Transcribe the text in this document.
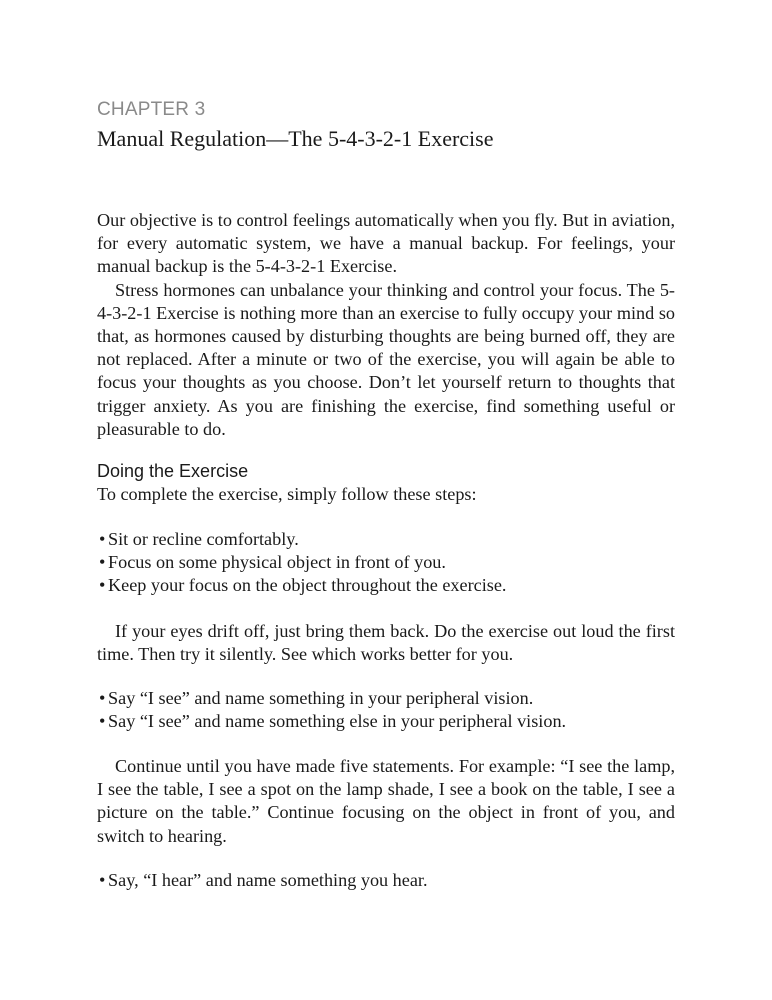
CHAPTER 3
Manual Regulation—The 5-4-3-2-1 Exercise

Our objective is to control feelings automatically when you fly. But in aviation, for every automatic system, we have a manual backup. For feelings, your manual backup is the 5-4-3-2-1 Exercise.

Stress hormones can unbalance your thinking and control your focus. The 5-4-3-2-1 Exercise is nothing more than an exercise to fully occupy your mind so that, as hormones caused by disturbing thoughts are being burned off, they are not replaced. After a minute or two of the exercise, you will again be able to focus your thoughts as you choose. Don’t let yourself return to thoughts that trigger anxiety. As you are finishing the exercise, find something useful or pleasurable to do.

Doing the Exercise

To complete the exercise, simply follow these steps:

• Sit or recline comfortably.
• Focus on some physical object in front of you.
• Keep your focus on the object throughout the exercise.

If your eyes drift off, just bring them back. Do the exercise out loud the first time. Then try it silently. See which works better for you.

• Say “I see” and name something in your peripheral vision.
• Say “I see” and name something else in your peripheral vision.

Continue until you have made five statements. For example: “I see the lamp, I see the table, I see a spot on the lamp shade, I see a book on the table, I see a picture on the table.” Continue focusing on the object in front of you, and switch to hearing.

• Say, “I hear” and name something you hear.
